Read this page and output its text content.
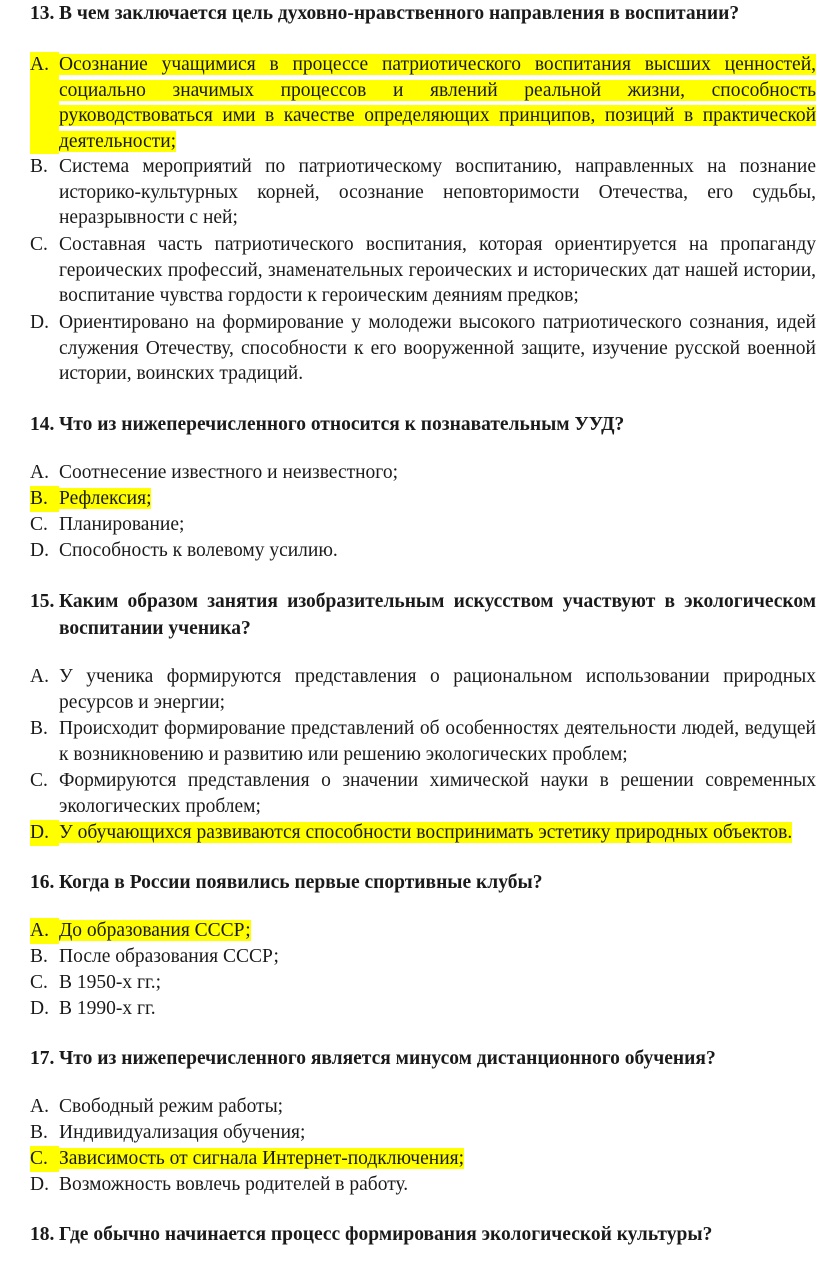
13. В чем заключается цель духовно-нравственного направления в воспитании?
A. Осознание учащимися в процессе патриотического воспитания высших ценностей, социально значимых процессов и явлений реальной жизни, способность руководствоваться ими в качестве определяющих принципов, позиций в практической деятельности;
B. Система мероприятий по патриотическому воспитанию, направленных на познание историко-культурных корней, осознание неповторимости Отечества, его судьбы, неразрывности с ней;
C. Составная часть патриотического воспитания, которая ориентируется на пропаганду героических профессий, знаменательных героических и исторических дат нашей истории, воспитание чувства гордости к героическим деяниям предков;
D. Ориентировано на формирование у молодежи высокого патриотического сознания, идей служения Отечеству, способности к его вооруженной защите, изучение русской военной истории, воинских традиций.
14. Что из нижеперечисленного относится к познавательным УУД?
A. Соотнесение известного и неизвестного;
B. Рефлексия;
C. Планирование;
D. Способность к волевому усилию.
15. Каким образом занятия изобразительным искусством участвуют в экологическом воспитании ученика?
A. У ученика формируются представления о рациональном использовании природных ресурсов и энергии;
B. Происходит формирование представлений об особенностях деятельности людей, ведущей к возникновению и развитию или решению экологических проблем;
C. Формируются представления о значении химической науки в решении современных экологических проблем;
D. У обучающихся развиваются способности воспринимать эстетику природных объектов.
16. Когда в России появились первые спортивные клубы?
A. До образования СССР;
B. После образования СССР;
C. В 1950-х гг.;
D. В 1990-х гг.
17. Что из нижеперечисленного является минусом дистанционного обучения?
A. Свободный режим работы;
B. Индивидуализация обучения;
C. Зависимость от сигнала Интернет-подключения;
D. Возможность вовлечь родителей в работу.
18. Где обычно начинается процесс формирования экологической культуры?
